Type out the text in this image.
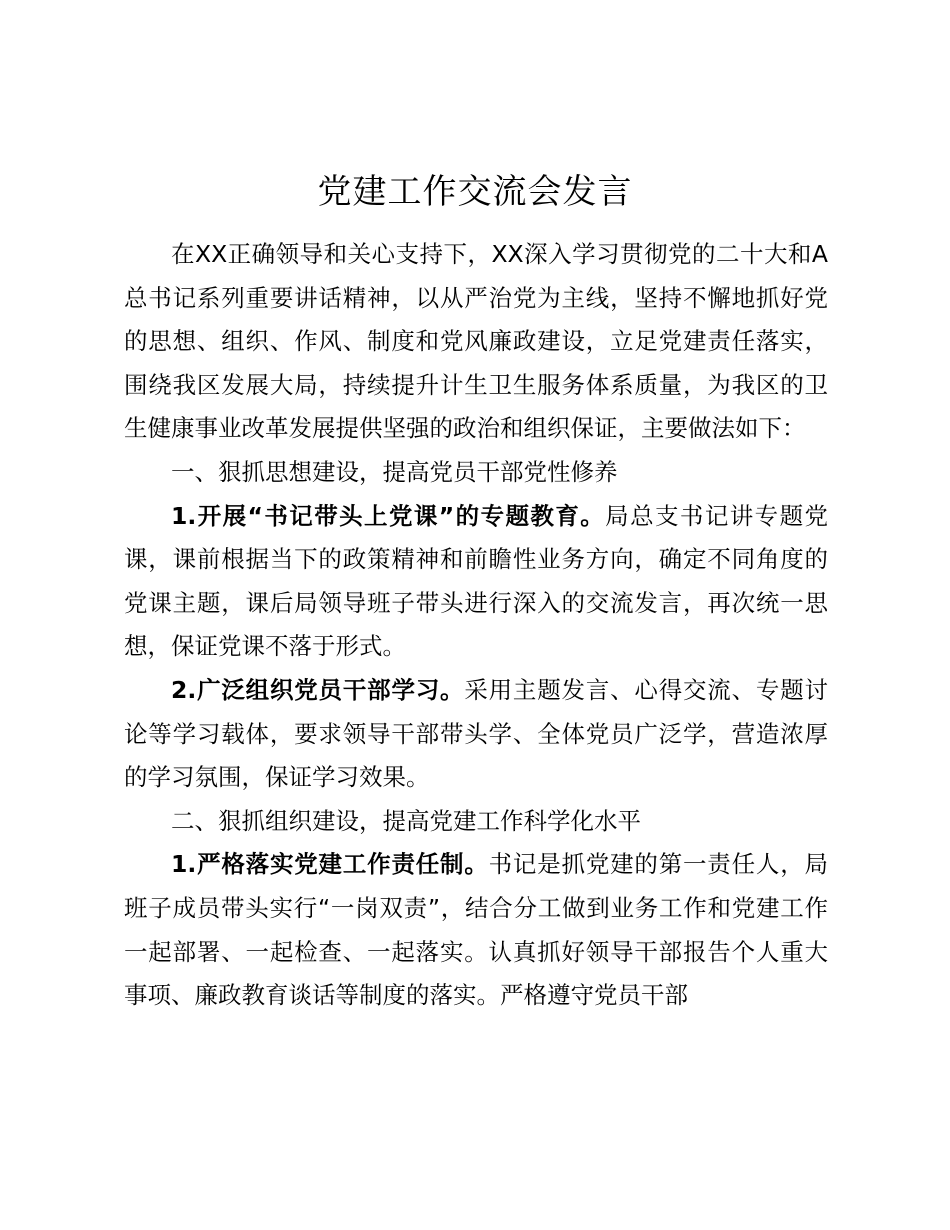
党建工作交流会发言

在XX正确领导和关心支持下，XX深入学习贯彻党的二十大和A总书记系列重要讲话精神，以从严治党为主线，坚持不懈地抓好党的思想、组织、作风、制度和党风廉政建设，立足党建责任落实，围绕我区发展大局，持续提升计生卫生服务体系质量，为我区的卫生健康事业改革发展提供坚强的政治和组织保证，主要做法如下：

一、狠抓思想建设，提高党员干部党性修养

1.开展“书记带头上党课”的专题教育。局总支书记讲专题党课，课前根据当下的政策精神和前瞻性业务方向，确定不同角度的党课主题，课后局领导班子带头进行深入的交流发言，再次统一思想，保证党课不落于形式。

2.广泛组织党员干部学习。采用主题发言、心得交流、专题讨论等学习载体，要求领导干部带头学、全体党员广泛学，营造浓厚的学习氛围，保证学习效果。

二、狠抓组织建设，提高党建工作科学化水平

1.严格落实党建工作责任制。书记是抓党建的第一责任人，局班子成员带头实行“一岗双责”，结合分工做到业务工作和党建工作一起部署、一起检查、一起落实。认真抓好领导干部报告个人重大事项、廉政教育谈话等制度的落实。严格遵守党员干部
